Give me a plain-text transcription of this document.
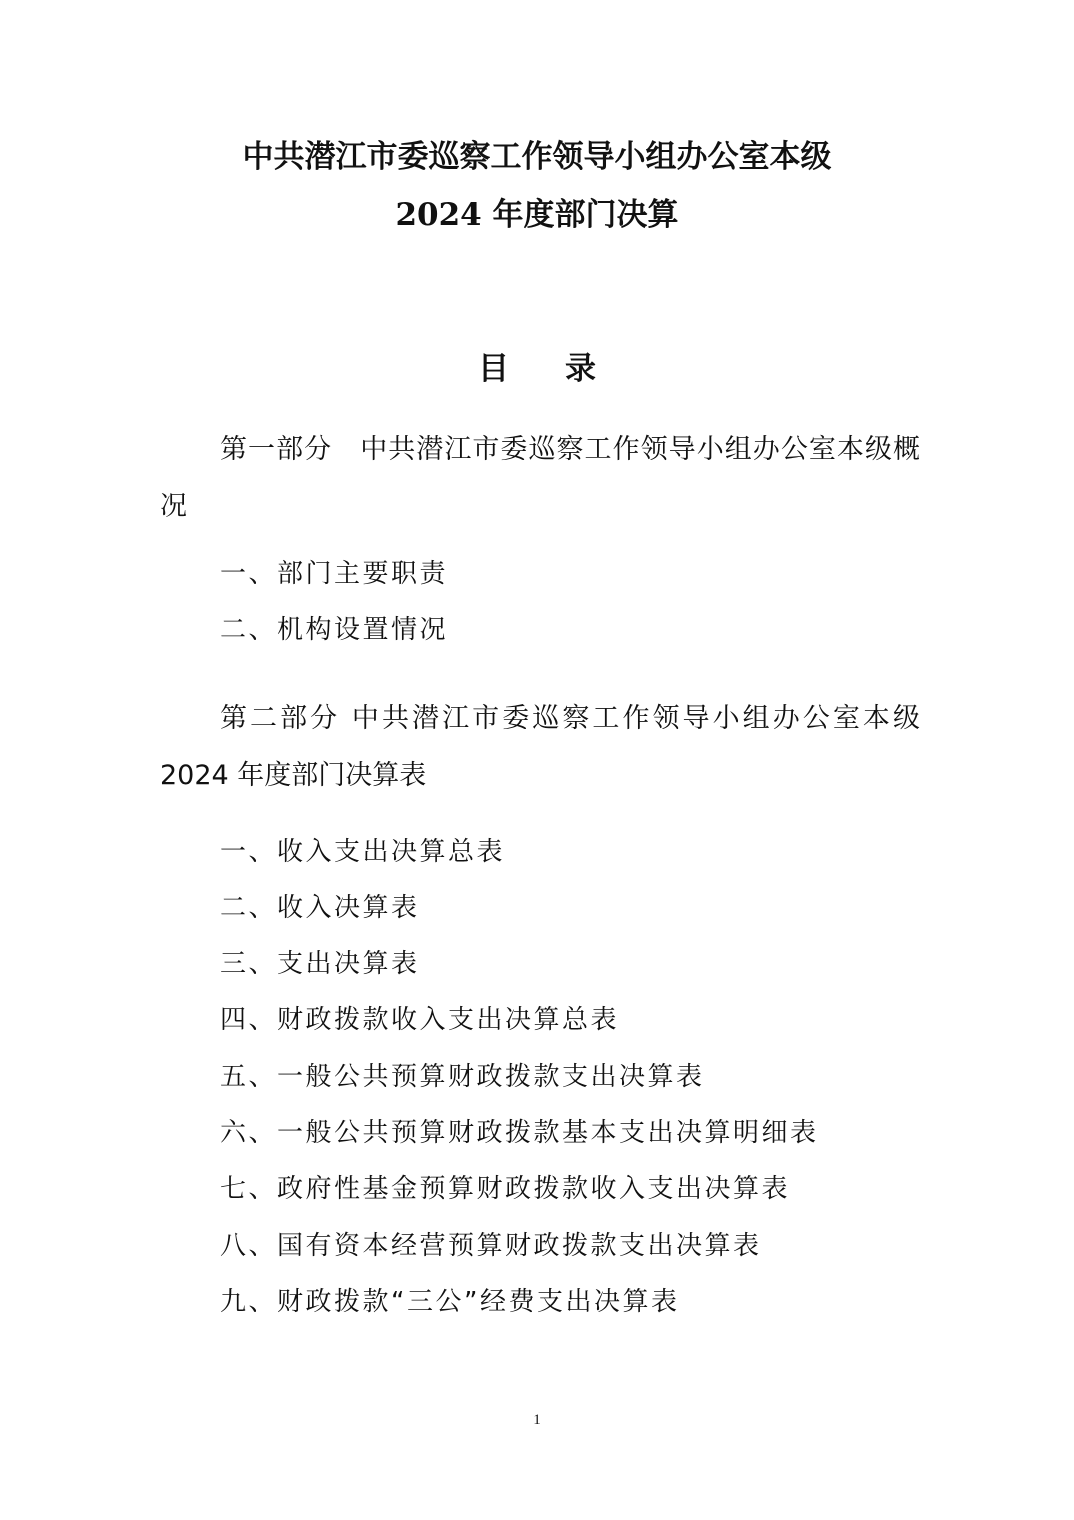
中共潜江市委巡察工作领导小组办公室本级
2024 年度部门决算
目录
第一部分　中共潜江市委巡察工作领导小组办公室本级概况
一、部门主要职责
二、机构设置情况
第二部分 中共潜江市委巡察工作领导小组办公室本级 2024 年度部门决算表
一、收入支出决算总表
二、收入决算表
三、支出决算表
四、财政拨款收入支出决算总表
五、一般公共预算财政拨款支出决算表
六、一般公共预算财政拨款基本支出决算明细表
七、政府性基金预算财政拨款收入支出决算表
八、国有资本经营预算财政拨款支出决算表
九、财政拨款“三公”经费支出决算表
1
